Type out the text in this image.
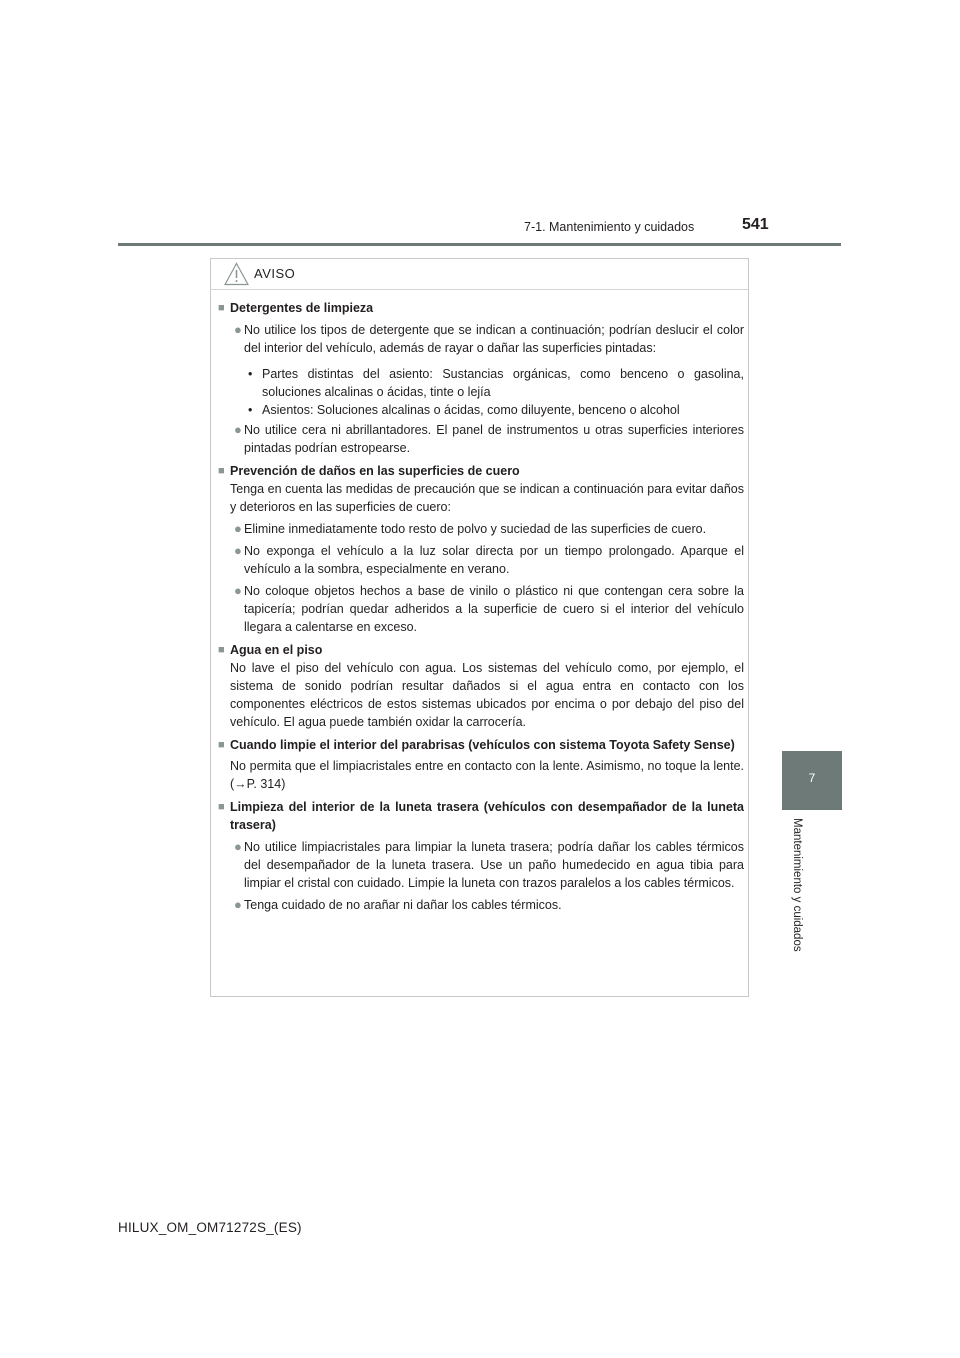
7-1. Mantenimiento y cuidados	541
7
Mantenimiento y cuidados
AVISO
■ Detergentes de limpieza
● No utilice los tipos de detergente que se indican a continuación; podrían deslucir el color del interior del vehículo, además de rayar o dañar las superficies pintadas:
• Partes distintas del asiento: Sustancias orgánicas, como benceno o gasolina, soluciones alcalinas o ácidas, tinte o lejía
• Asientos: Soluciones alcalinas o ácidas, como diluyente, benceno o alcohol
● No utilice cera ni abrillantadores. El panel de instrumentos u otras superficies interiores pintadas podrían estropearse.
■ Prevención de daños en las superficies de cuero
Tenga en cuenta las medidas de precaución que se indican a continuación para evitar daños y deterioros en las superficies de cuero:
● Elimine inmediatamente todo resto de polvo y suciedad de las superficies de cuero.
● No exponga el vehículo a la luz solar directa por un tiempo prolongado. Aparque el vehículo a la sombra, especialmente en verano.
● No coloque objetos hechos a base de vinilo o plástico ni que contengan cera sobre la tapicería; podrían quedar adheridos a la superficie de cuero si el interior del vehículo llegara a calentarse en exceso.
■ Agua en el piso
No lave el piso del vehículo con agua. Los sistemas del vehículo como, por ejemplo, el sistema de sonido podrían resultar dañados si el agua entra en contacto con los componentes eléctricos de estos sistemas ubicados por encima o por debajo del piso del vehículo. El agua puede también oxidar la carrocería.
■ Cuando limpie el interior del parabrisas (vehículos con sistema Toyota Safety Sense)
No permita que el limpiacristales entre en contacto con la lente. Asimismo, no toque la lente. (→P. 314)
■ Limpieza del interior de la luneta trasera (vehículos con desempañador de la luneta trasera)
● No utilice limpiacristales para limpiar la luneta trasera; podría dañar los cables térmicos del desempañador de la luneta trasera. Use un paño humedecido en agua tibia para limpiar el cristal con cuidado. Limpie la luneta con trazos paralelos a los cables térmicos.
● Tenga cuidado de no arañar ni dañar los cables térmicos.
HILUX_OM_OM71272S_(ES)
